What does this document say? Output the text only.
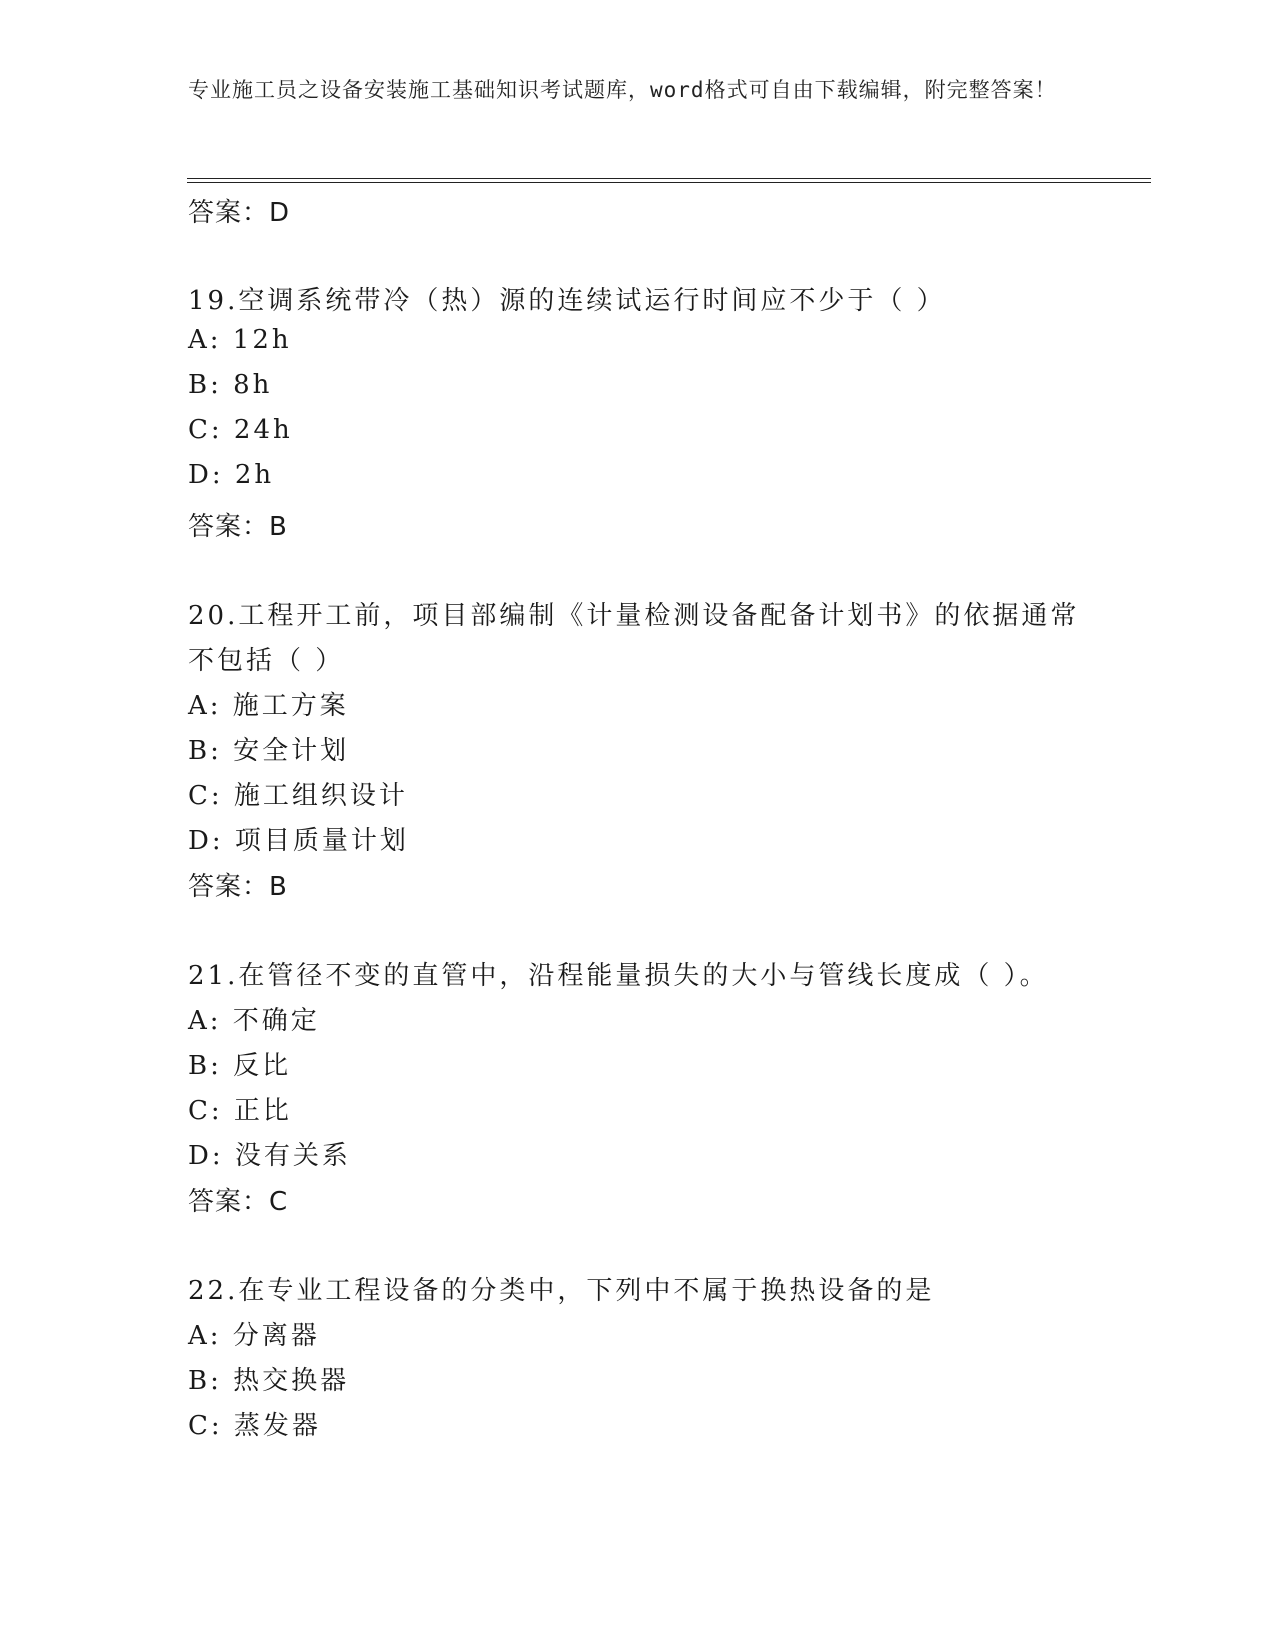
专业施工员之设备安装施工基础知识考试题库，word格式可自由下载编辑，附完整答案！
答案：D
19.空调系统带冷（热）源的连续试运行时间应不少于（ ）
A: 12h
B: 8h
C: 24h
D: 2h
答案：B
20.工程开工前，项目部编制《计量检测设备配备计划书》的依据通常
不包括（ ）
A: 施工方案
B: 安全计划
C: 施工组织设计
D: 项目质量计划
答案：B
21.在管径不变的直管中，沿程能量损失的大小与管线长度成（ ）。
A: 不确定
B: 反比
C: 正比
D: 没有关系
答案：C
22.在专业工程设备的分类中，下列中不属于换热设备的是
A: 分离器
B: 热交换器
C: 蒸发器
